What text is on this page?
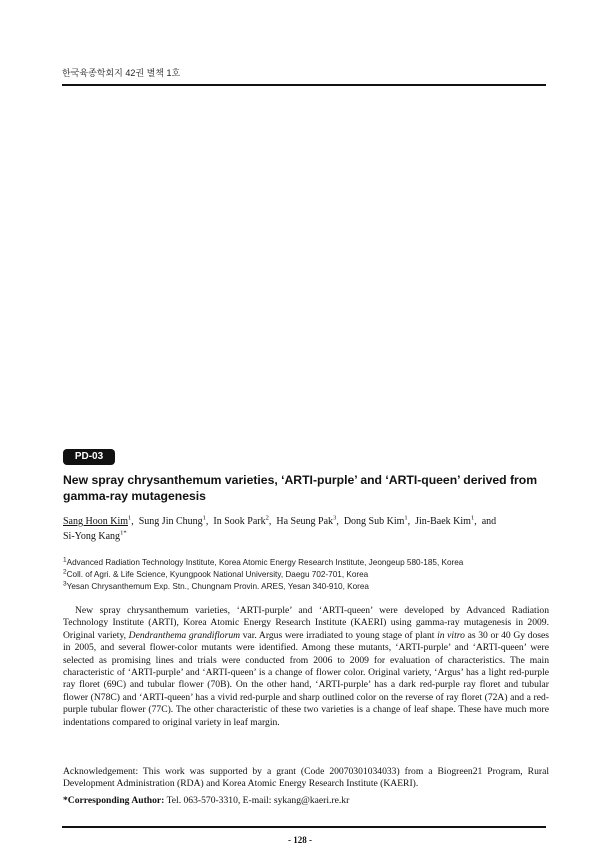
한국육종학회지 42권 별책 1호
PD-03
New spray chrysanthemum varieties, ‘ARTI-purple’ and ‘ARTI-queen’ derived from gamma-ray mutagenesis
Sang Hoon Kim$^1$,  Sung Jin Chung$^1$,  In Sook Park$^2$,  Ha Seung Pak$^3$,  Dong Sub Kim$^1$,  Jin-Baek Kim$^1$,  and
Si-Yong Kang$^{1*}$
$^1$Advanced Radiation Technology Institute, Korea Atomic Energy Research Institute, Jeongeup 580-185, Korea
$^2$Coll. of Agri. & Life Science, Kyungpook National University, Daegu 702-701, Korea
$^3$Yesan Chrysanthemum Exp. Stn., Chungnam Provin. ARES, Yesan 340-910, Korea

New spray chrysanthemum varieties, ‘ARTI-purple’ and ‘ARTI-queen’ were developed by Advanced Radiation Technology Institute (ARTI), Korea Atomic Energy Research Institute (KAERI) using gamma-ray mutagenesis in 2009. Original variety, Dendranthema grandiflorum var. Argus were irradiated to young stage of plant in vitro as 30 or 40 Gy doses in 2005, and several flower-color mutants were identified. Among these mutants, ‘ARTI-purple’ and ‘ARTI-queen’ were selected as promising lines and trials were conducted from 2006 to 2009 for evaluation of characteristics. The main characteristic of ‘ARTI-purple’ and ‘ARTI-queen’ is a change of flower color. Original variety, ‘Argus’ has a light red-purple ray floret (69C) and tubular flower (70B). On the other hand, ‘ARTI-purple’ has a dark red-purple ray floret and tubular flower (N78C) and ‘ARTI-queen’ has a vivid red-purple and sharp outlined color on the reverse of ray floret (72A) and a red-purple tubular flower (77C). The other characteristic of these two varieties is a change of leaf shape. These have much more indentations compared to original variety in leaf margin.

Acknowledgement: This work was supported by a grant (Code 20070301034033) from a Biogreen21 Program, Rural Development Administration (RDA) and Korea Atomic Energy Research Institute (KAERI).

*Corresponding Author: Tel. 063-570-3310, E-mail: sykang@kaeri.re.kr
- 128 -
